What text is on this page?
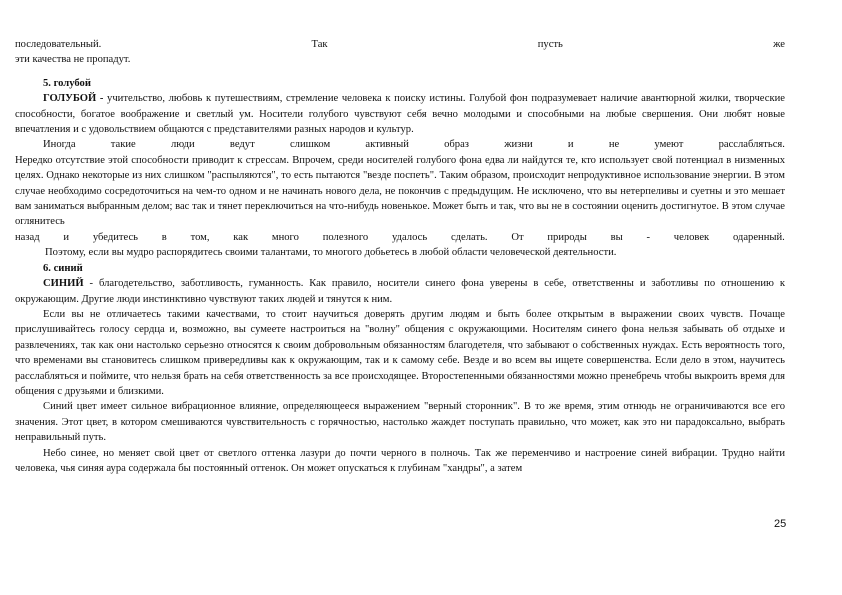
последовательный.	Так	пусть	же
эти качества не пропадут.
5. голубой
ГОЛУБОЙ - учительство, любовь к путешествиям, стремление человека к поиску истины. Голубой фон подразумевает наличие авантюрной жилки, творческие способности, богатое воображение и светлый ум. Носители голубого чувствуют себя вечно молодыми и способными на любые свершения. Они любят новые впечатления и с удовольствием общаются с представителями разных народов и культур.
Иногда	такие	люди	ведут	слишком	активный	образ	жизни	и	не	умеют	расслабляться.
Нередко отсутствие этой способности приводит к стрессам. Впрочем, среди носителей голубого фона едва ли найдутся те, кто использует свой потенциал в низменных целях. Однако некоторые из них слишком "распыляются", то есть пытаются "везде поспеть". Таким образом, происходит непродуктивное использование энергии. В этом случае необходимо сосредоточиться на чем-то одном и не начинать нового дела, не покончив с предыдущим. Не исключено, что вы нетерпеливы и суетны и это мешает вам заниматься выбранным делом; вас так и тянет переключиться на что-нибудь новенькое. Может быть и так, что вы не в состоянии оценить достигнутое. В этом случае оглянитесь
назад и убедитесь в том, как много полезного удалось сделать. От природы вы - человек одаренный.
Поэтому, если вы мудро распорядитесь своими талантами, то многого добьетесь в любой области человеческой деятельности.
6. синий
СИНИЙ - благодетельство, заботливость, гуманность. Как правило, носители синего фона уверены в себе, ответственны и заботливы по отношению к окружающим. Другие люди инстинктивно чувствуют таких людей и тянутся к ним.
Если вы не отличаетесь такими качествами, то стоит научиться доверять другим людям и быть более открытым в выражении своих чувств. Почаще прислушивайтесь голосу сердца и, возможно, вы сумеете настроиться на "волну" общения с окружающими. Носителям синего фона нельзя забывать об отдыхе и развлечениях, так как они настолько серьезно относятся к своим добровольным обязанностям благодетеля, что забывают о собственных нуждах. Есть вероятность того, что временами вы становитесь слишком привередливы как к окружающим, так и к самому себе. Везде и во всем вы ищете совершенства. Если дело в этом, научитесь расслабляться и поймите, что нельзя брать на себя ответственность за все происходящее. Второстепенными обязанностями можно пренебречь чтобы выкроить время для общения с друзьями и близкими.
Синий цвет имеет сильное вибрационное влияние, определяющееся выражением "верный сторонник". В то же время, этим отнюдь не ограничиваются все его значения. Этот цвет, в котором смешиваются чувствительность с горячностью, настолько жаждет поступать правильно, что может, как это ни парадоксально, выбрать неправильный путь.
Небо синее, но меняет свой цвет от светлого оттенка лазури до почти черного в полночь. Так же переменчиво и настроение синей вибрации. Трудно найти человека, чья синяя аура содержала бы постоянный оттенок. Он может опускаться к глубинам "хандры", а затем
25
